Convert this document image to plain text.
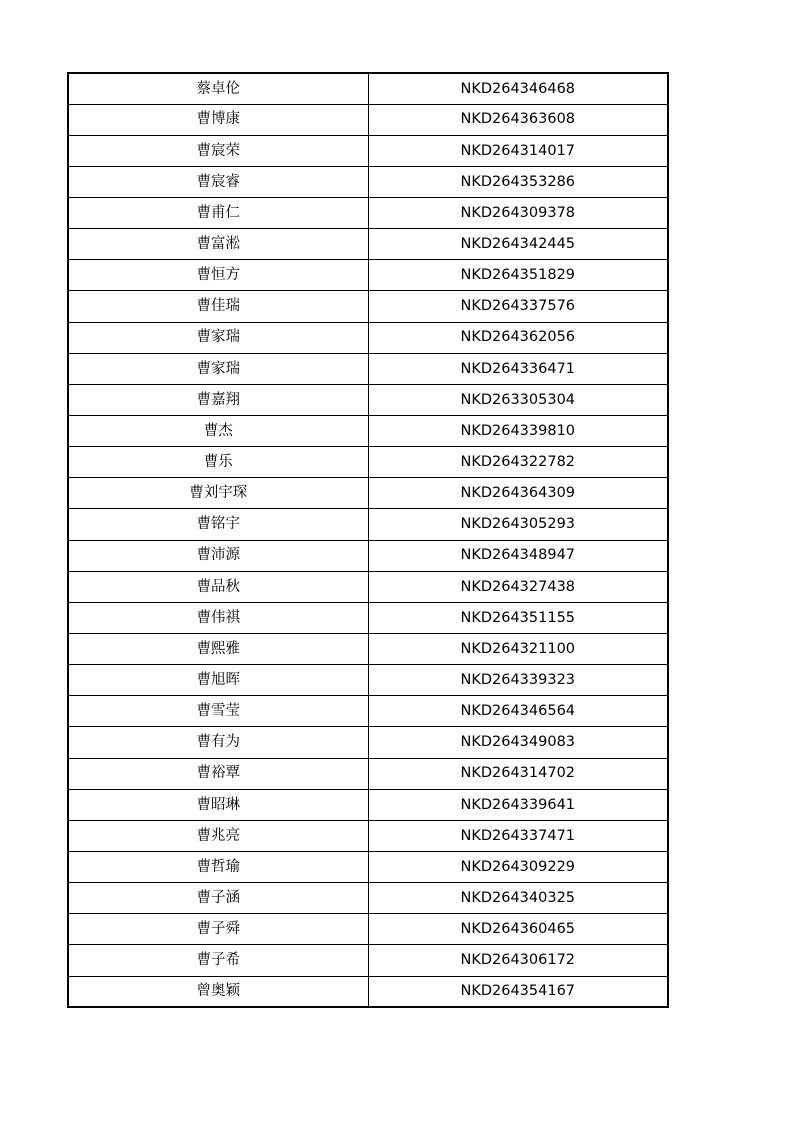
蔡卓伦	NKD264346468
曹博康	NKD264363608
曹宸荣	NKD264314017
曹宸睿	NKD264353286
曹甫仁	NKD264309378
曹富淞	NKD264342445
曹恒方	NKD264351829
曹佳瑞	NKD264337576
曹家瑞	NKD264362056
曹家瑞	NKD264336471
曹嘉翔	NKD263305304
曹杰	NKD264339810
曹乐	NKD264322782
曹刘宇琛	NKD264364309
曹铭宇	NKD264305293
曹沛源	NKD264348947
曹品秋	NKD264327438
曹伟祺	NKD264351155
曹熙雅	NKD264321100
曹旭晖	NKD264339323
曹雪莹	NKD264346564
曹有为	NKD264349083
曹裕覃	NKD264314702
曹昭琳	NKD264339641
曹兆亮	NKD264337471
曹哲瑜	NKD264309229
曹子涵	NKD264340325
曹子舜	NKD264360465
曹子希	NKD264306172
曾奥颖	NKD264354167
